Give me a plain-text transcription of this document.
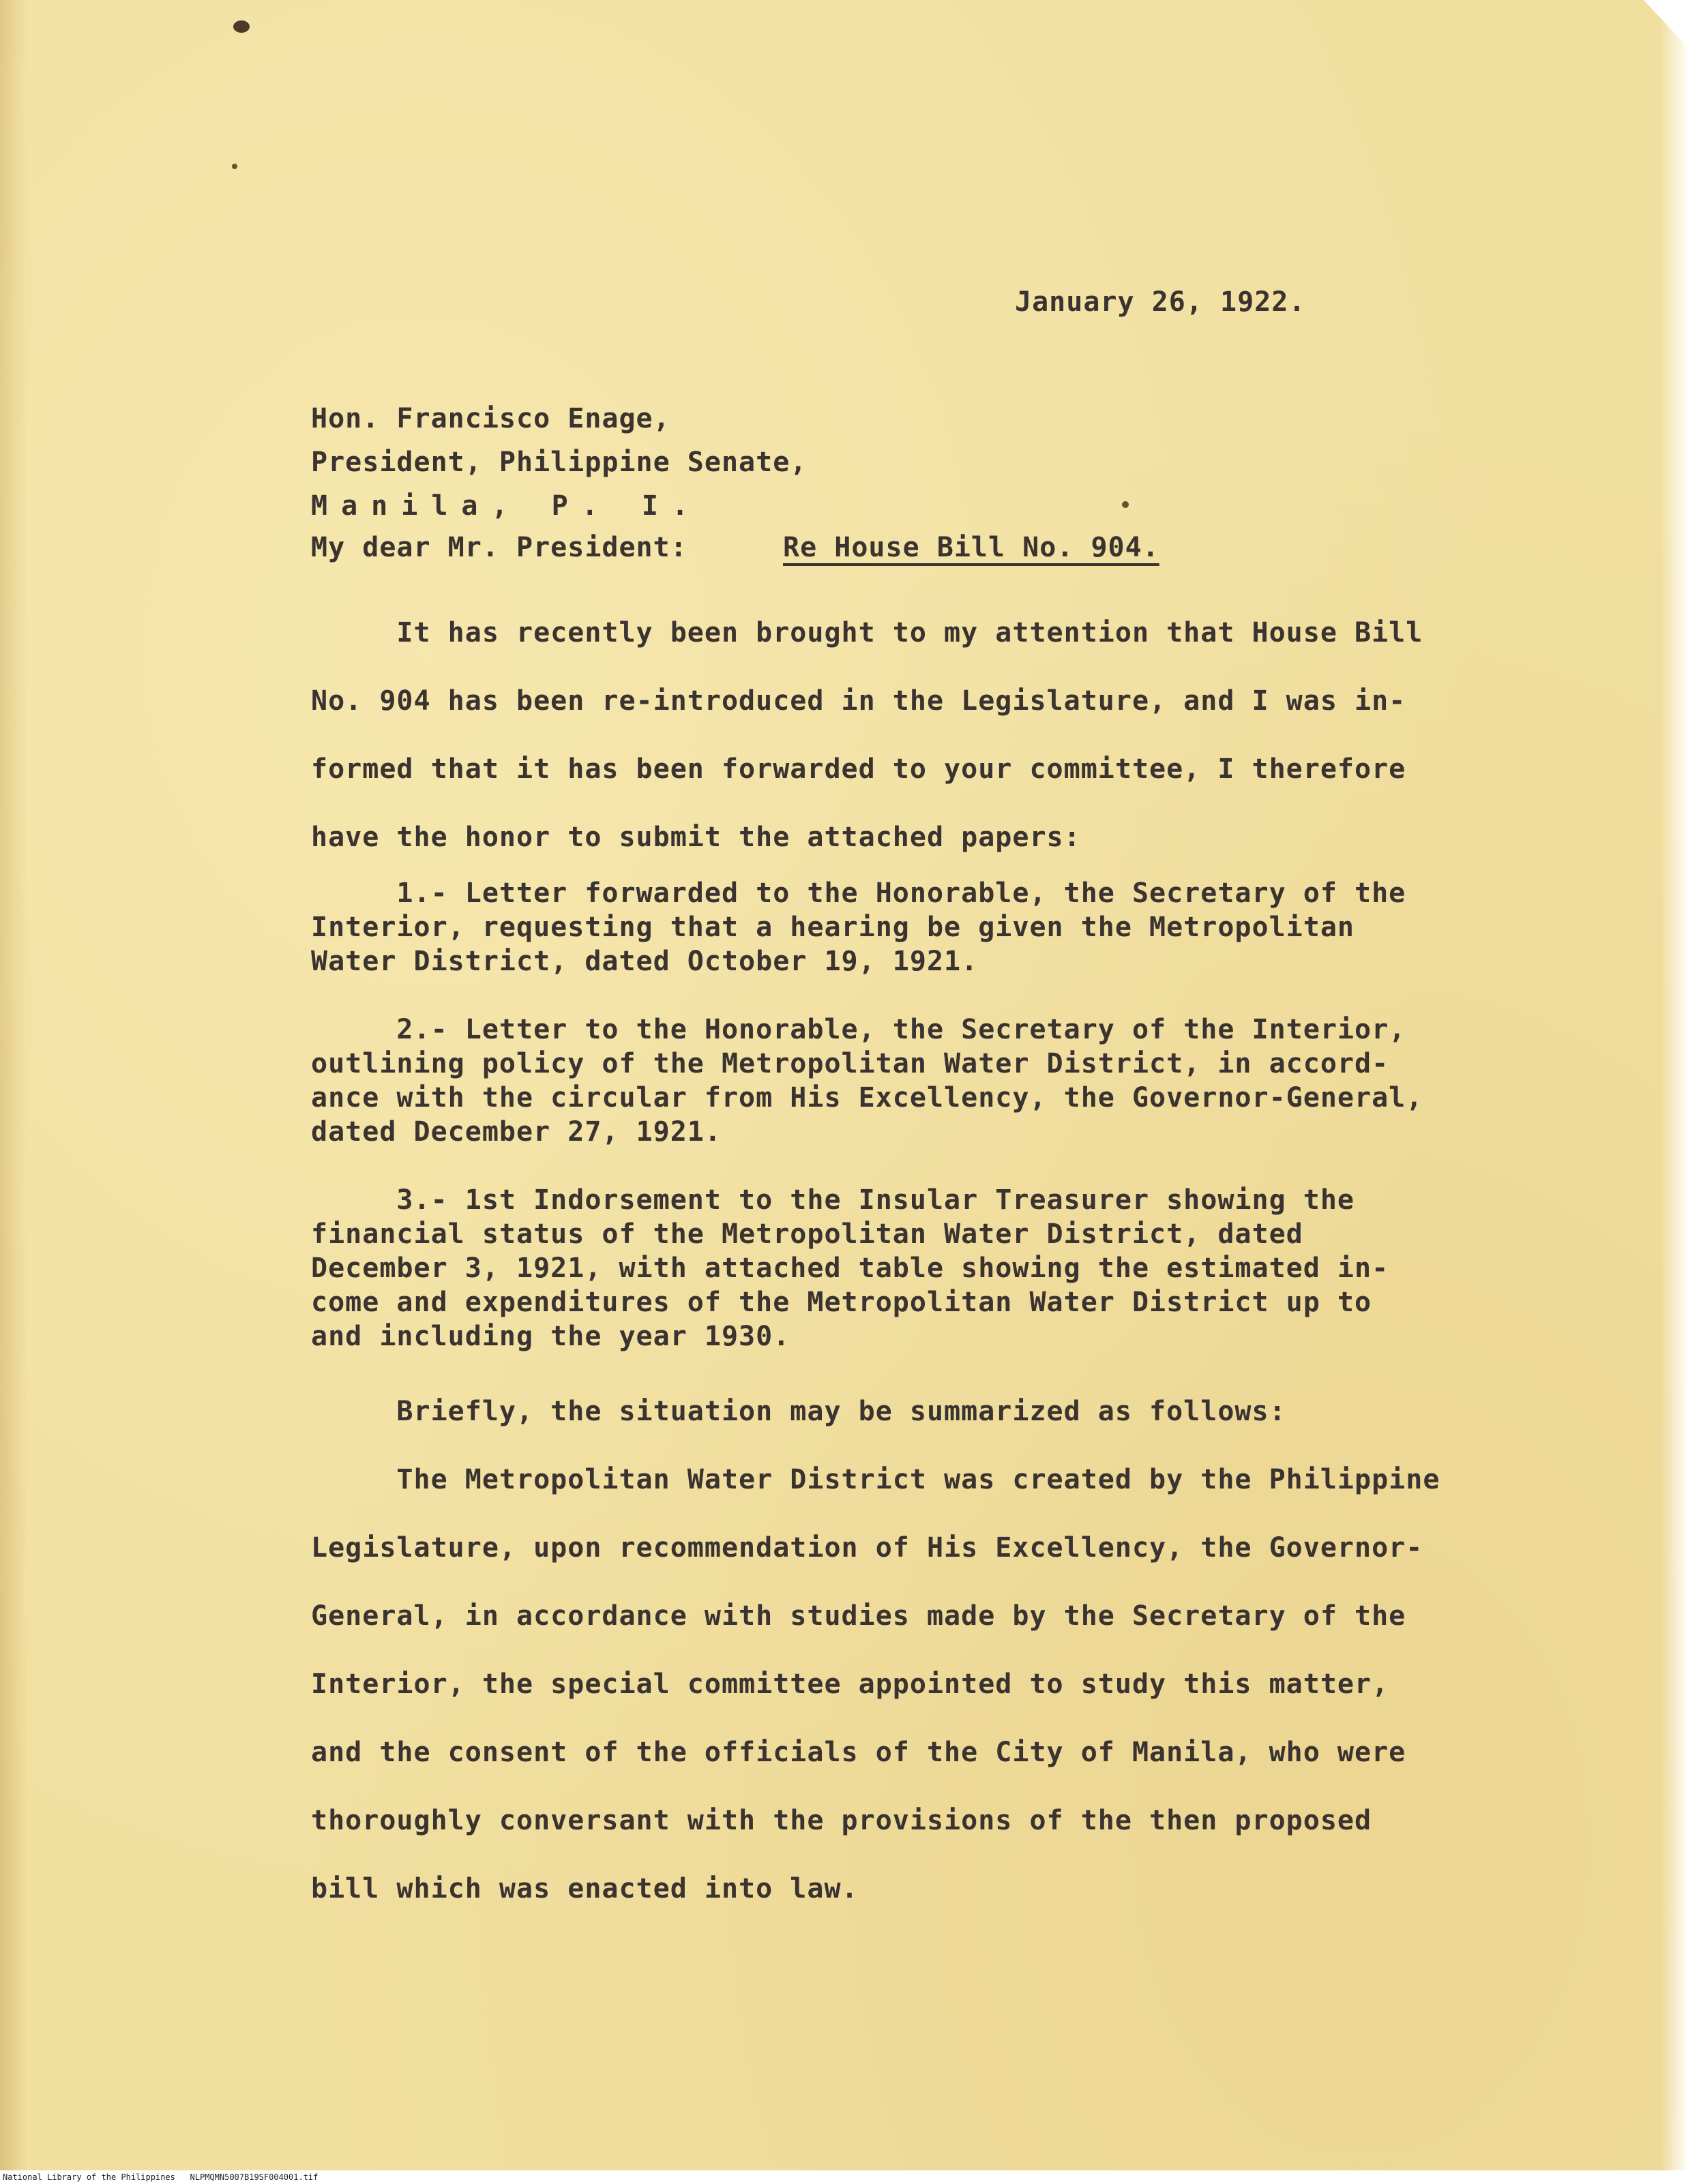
January 26, 1922.
Hon. Francisco Enage,
President, Philippine Senate,
Manila, P. I.
My dear Mr. President:	Re House Bill No. 904.
It has recently been brought to my attention that House Bill
No. 904 has been re-introduced in the Legislature, and I was in-
formed that it has been forwarded to your committee, I therefore
have the honor to submit the attached papers:
1.- Letter forwarded to the Honorable, the Secretary of the
Interior, requesting that a hearing be given the Metropolitan
Water District, dated October 19, 1921.
2.- Letter to the Honorable, the Secretary of the Interior,
outlining policy of the Metropolitan Water District, in accord-
ance with the circular from His Excellency, the Governor-General,
dated December 27, 1921.
3.- 1st Indorsement to the Insular Treasurer showing the
financial status of the Metropolitan Water District, dated
December 3, 1921, with attached table showing the estimated in-
come and expenditures of the Metropolitan Water District up to
and including the year 1930.
Briefly, the situation may be summarized as follows:
The Metropolitan Water District was created by the Philippine
Legislature, upon recommendation of His Excellency, the Governor-
General, in accordance with studies made by the Secretary of the
Interior, the special committee appointed to study this matter,
and the consent of the officials of the City of Manila, who were
thoroughly conversant with the provisions of the then proposed
bill which was enacted into law.
National Library of the Philippines   NLPMQMN5007B19SF004001.tif
